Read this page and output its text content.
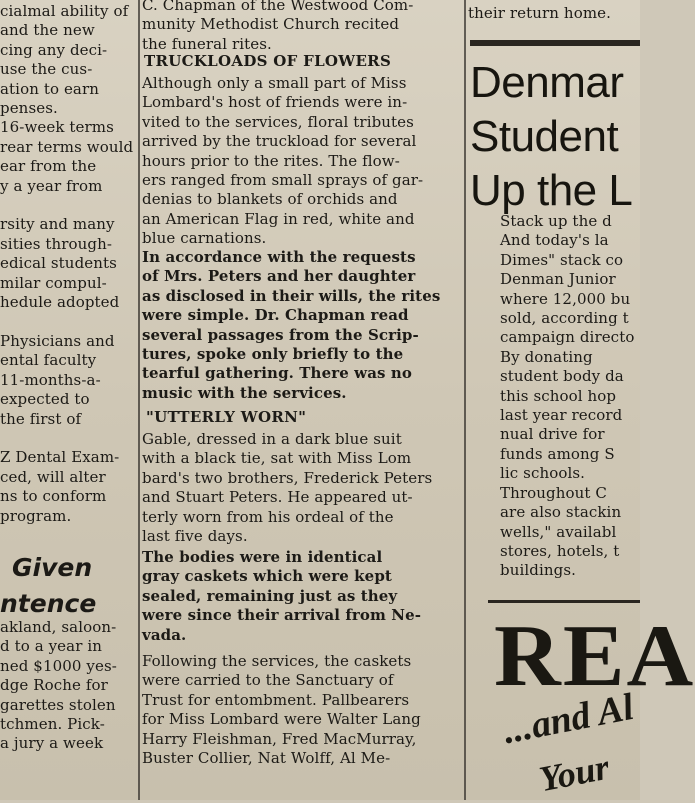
cialmal ability of
and the new
cing any deci-
use the cus-
ation to earn
penses.
16-week terms
rear terms would
ear from the
y a year from

rsity and many
sities through-
edical students
milar compul-
hedule adopted

Physicians and
ental faculty
11-months-a-
expected to
the first of

Z Dental Exam-
ced, will alter
ns to conform
program.
Given
ntence
akland, saloon-
d to a year in
ned $1000 yes-
dge Roche for
garettes stolen
tchmen. Pick-
a jury a week
C. Chapman of the Westwood Com-
munity Methodist Church recited
the funeral rites.
TRUCKLOADS OF FLOWERS
Although only a small part of Miss
Lombard's host of friends were in-
vited to the services, floral tributes
arrived by the truckload for several
hours prior to the rites. The flow-
ers ranged from small sprays of gar-
denias to blankets of orchids and
an American Flag in red, white and
blue carnations.
In accordance with the requests
of Mrs. Peters and her daughter
as disclosed in their wills, the rites
were simple. Dr. Chapman read
several passages from the Scrip-
tures, spoke only briefly to the
tearful gathering. There was no
music with the services.
"UTTERLY WORN"
Gable, dressed in a dark blue suit
with a black tie, sat with Miss Lom
bard's two brothers, Frederick Peters
and Stuart Peters. He appeared ut-
terly worn from his ordeal of the
last five days.
The bodies were in identical
gray caskets which were kept
sealed, remaining just as they
were since their arrival from Ne-
vada.
Following the services, the caskets
were carried to the Sanctuary of
Trust for entombment. Pallbearers
for Miss Lombard were Walter Lang
Harry Fleishman, Fred MacMurray,
Buster Collier, Nat Wolff, Al Me-
their return home.
Denmar
Student
Up the L
Stack up the d
And today's la
Dimes" stack co
Denman Junior
where 12,000 bu
sold, according t
campaign directo
By donating
student body da
this school hop
last year record
nual drive for
funds among S
lic schools.
Throughout C
are also stackin
wells," availabl
stores, hotels, t
buildings.
REA
...and Al
Your
